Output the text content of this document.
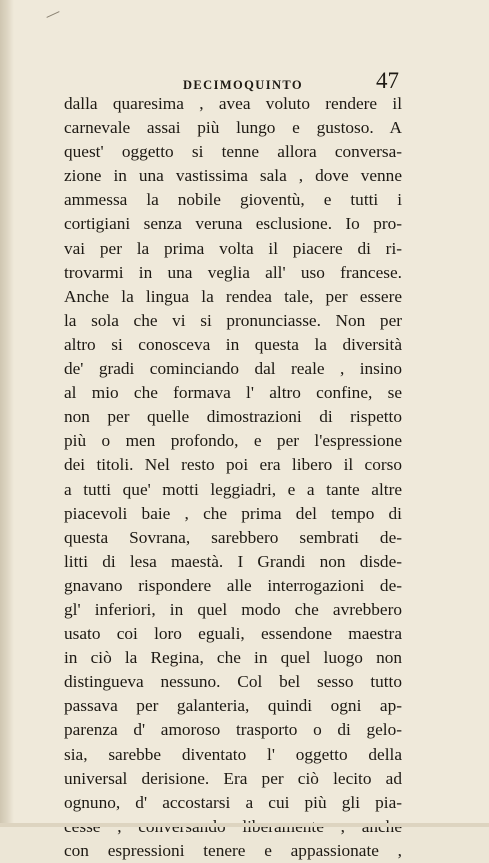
DECIMOQUINTO	47
dalla quaresima , avea voluto rendere il
carnevale assai più lungo e gustoso. A
quest' oggetto si tenne allora conversa-
zione in una vastissima sala , dove venne
ammessa la nobile gioventù, e tutti i
cortigiani senza veruna esclusione. Io pro-
vai per la prima volta il piacere di ri-
trovarmi in una veglia all' uso francese.
Anche la lingua la rendea tale, per essere
la sola che vi si pronunciasse. Non per
altro si conosceva in questa la diversità
de' gradi cominciando dal reale , insino
al mio che formava l' altro confine, se
non per quelle dimostrazioni di rispetto
più o men profondo, e per l'espressione
dei titoli. Nel resto poi era libero il corso
a tutti que' motti leggiadri, e a tante altre
piacevoli baie , che prima del tempo di
questa Sovrana, sarebbero sembrati de-
litti di lesa maestà. I Grandi non disde-
gnavano rispondere alle interrogazioni de-
gl' inferiori, in quel modo che avrebbero
usato coi loro eguali, essendone maestra
in ciò la Regina, che in quel luogo non
distingueva nessuno. Col bel sesso tutto
passava per galanteria, quindi ogni ap-
parenza d' amoroso trasporto o di gelo-
sia, sarebbe diventato l' oggetto della
universal derisione. Era per ciò lecito ad
ognuno, d' accostarsi a cui più gli pia-
con espressioni tenere e appassionate ,
